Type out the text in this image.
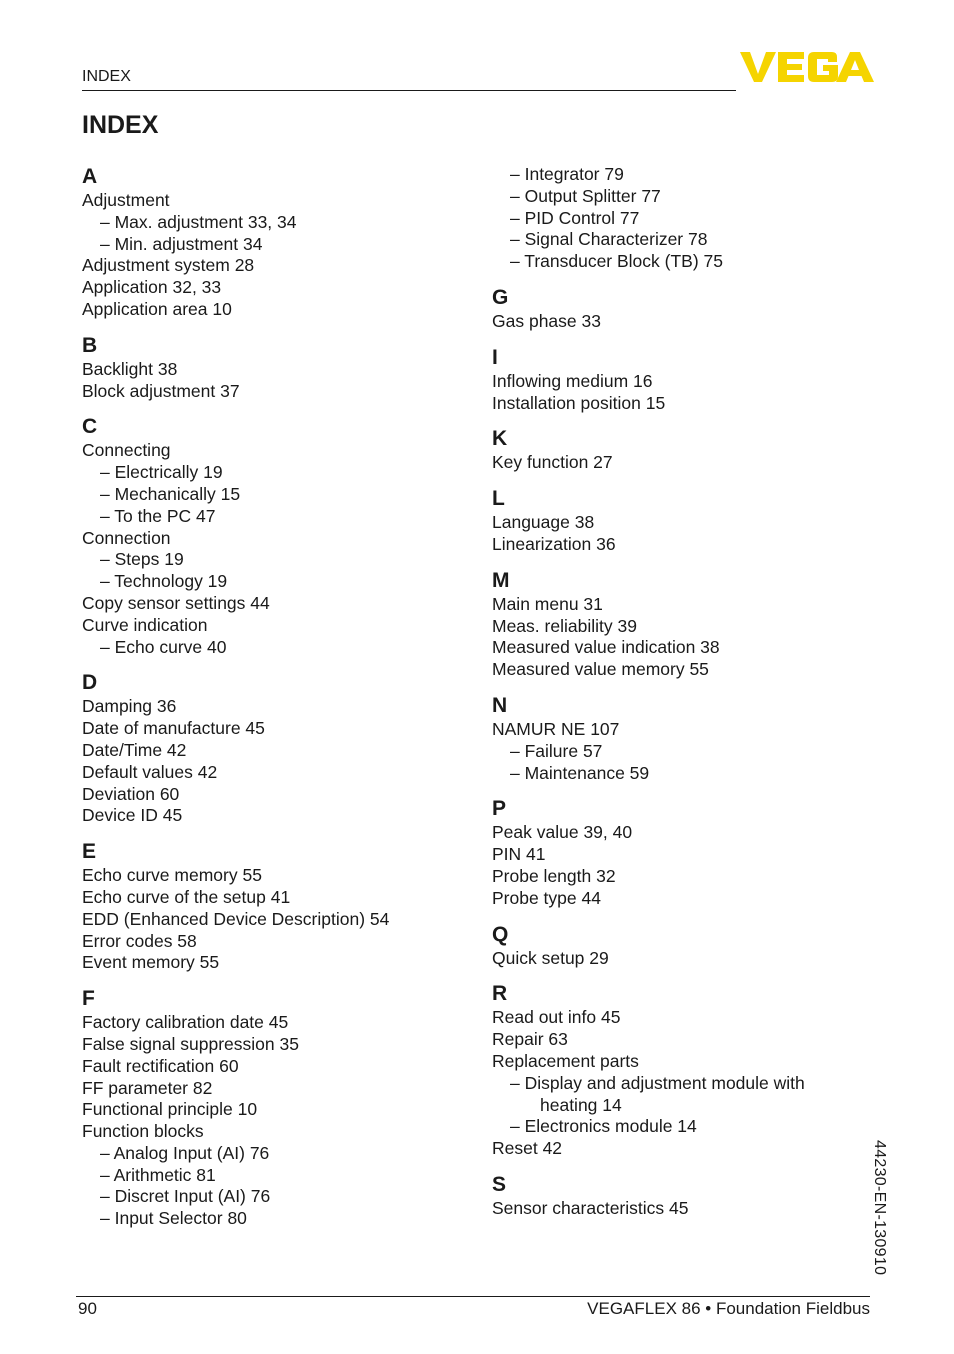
INDEX
INDEX
A
Adjustment
– Max. adjustment 33, 34
– Min. adjustment 34
Adjustment system 28
Application 32, 33
Application area 10
B
Backlight 38
Block adjustment 37
C
Connecting
– Electrically 19
– Mechanically 15
– To the PC 47
Connection
– Steps 19
– Technology 19
Copy sensor settings 44
Curve indication
– Echo curve 40
D
Damping 36
Date of manufacture 45
Date/Time 42
Default values 42
Deviation 60
Device ID 45
E
Echo curve memory 55
Echo curve of the setup 41
EDD (Enhanced Device Description) 54
Error codes 58
Event memory 55
F
Factory calibration date 45
False signal suppression 35
Fault rectification 60
FF parameter 82
Functional principle 10
Function blocks
– Analog Input (AI) 76
– Arithmetic 81
– Discret Input (AI) 76
– Input Selector 80
– Integrator 79
– Output Splitter 77
– PID Control 77
– Signal Characterizer 78
– Transducer Block (TB) 75
G
Gas phase 33
I
Inflowing medium 16
Installation position 15
K
Key function 27
L
Language 38
Linearization 36
M
Main menu 31
Meas. reliability 39
Measured value indication 38
Measured value memory 55
N
NAMUR NE 107
– Failure 57
– Maintenance 59
P
Peak value 39, 40
PIN 41
Probe length 32
Probe type 44
Q
Quick setup 29
R
Read out info 45
Repair 63
Replacement parts
– Display and adjustment module with
heating 14
– Electronics module 14
Reset 42
S
Sensor characteristics 45	44230-EN-130910
90	VEGAFLEX 86 • Foundation Fieldbus
